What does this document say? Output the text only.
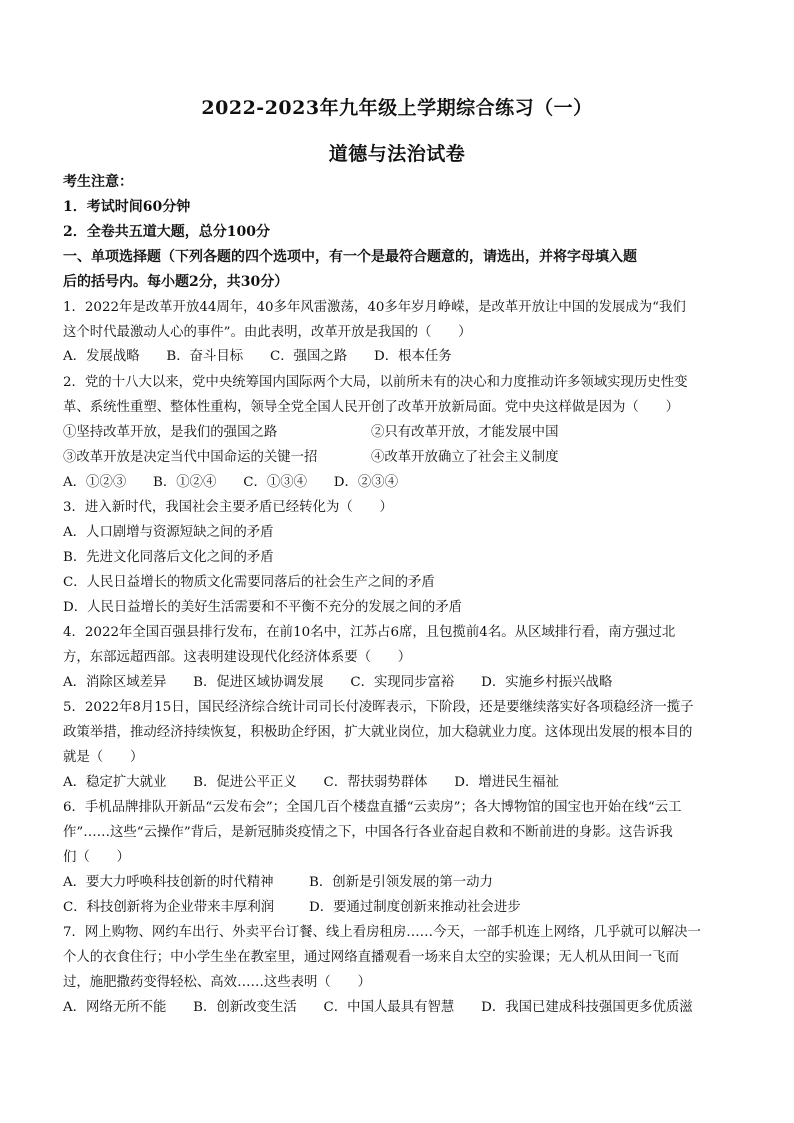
2022-2023年九年级上学期综合练习（一）
道德与法治试卷
考生注意：
1．考试时间60分钟
2．全卷共五道大题，总分100分
一、单项选择题（下列各题的四个选项中，有一个是最符合题意的，请选出，并将字母填入题
后的括号内。每小题2分，共30分）
1．2022年是改革开放44周年，40多年风雷激荡，40多年岁月峥嵘，是改革开放让中国的发展成为“我们
这个时代最激动人心的事件”。由此表明，改革开放是我国的（　　）
A．发展战略　　B．奋斗目标　　C．强国之路　　D．根本任务
2．党的十八大以来，党中央统筹国内国际两个大局，以前所未有的决心和力度推动许多领域实现历史性变
革、系统性重塑、整体性重构，领导全党全国人民开创了改革开放新局面。党中央这样做是因为（　　）
①坚持改革开放，是我们的强国之路	②只有改革开放，才能发展中国
③改革开放是决定当代中国命运的关键一招	④改革开放确立了社会主义制度
A．①②③　　B．①②④　　C．①③④　　D．②③④
3．进入新时代，我国社会主要矛盾已经转化为（　　）
A．人口剧增与资源短缺之间的矛盾
B．先进文化同落后文化之间的矛盾
C．人民日益增长的物质文化需要同落后的社会生产之间的矛盾
D．人民日益增长的美好生活需要和不平衡不充分的发展之间的矛盾
4．2022年全国百强县排行发布，在前10名中，江苏占6席，且包揽前4名。从区域排行看，南方强过北
方，东部远超西部。这表明建设现代化经济体系要（　　）
A．消除区域差异　　B．促进区域协调发展　　C．实现同步富裕　　D．实施乡村振兴战略
5．2022年8月15日，国民经济综合统计司司长付凌晖表示，下阶段，还是要继续落实好各项稳经济一揽子
政策举措，推动经济持续恢复，积极助企纾困，扩大就业岗位，加大稳就业力度。这体现出发展的根本目的
就是（　　）
A．稳定扩大就业　　B．促进公平正义　　C．帮扶弱势群体　　D．增进民生福祉
6．手机品牌排队开新品“云发布会”；全国几百个楼盘直播“云卖房”；各大博物馆的国宝也开始在线“云工
作”……这些“云操作”背后，是新冠肺炎疫情之下，中国各行各业奋起自救和不断前进的身影。这告诉我
们（　　）
A．要大力呼唤科技创新的时代精神	B．创新是引领发展的第一动力
C．科技创新将为企业带来丰厚利润	D．要通过制度创新来推动社会进步
7．网上购物、网约车出行、外卖平台订餐、线上看房租房……今天，一部手机连上网络，几乎就可以解决一
个人的衣食住行；中小学生坐在教室里，通过网络直播观看一场来自太空的实验课；无人机从田间一飞而
过，施肥撒药变得轻松、高效……这些表明（　　）
A．网络无所不能　　B．创新改变生活　　C．中国人最具有智慧　　D．我国已建成科技强国更多优质滋
